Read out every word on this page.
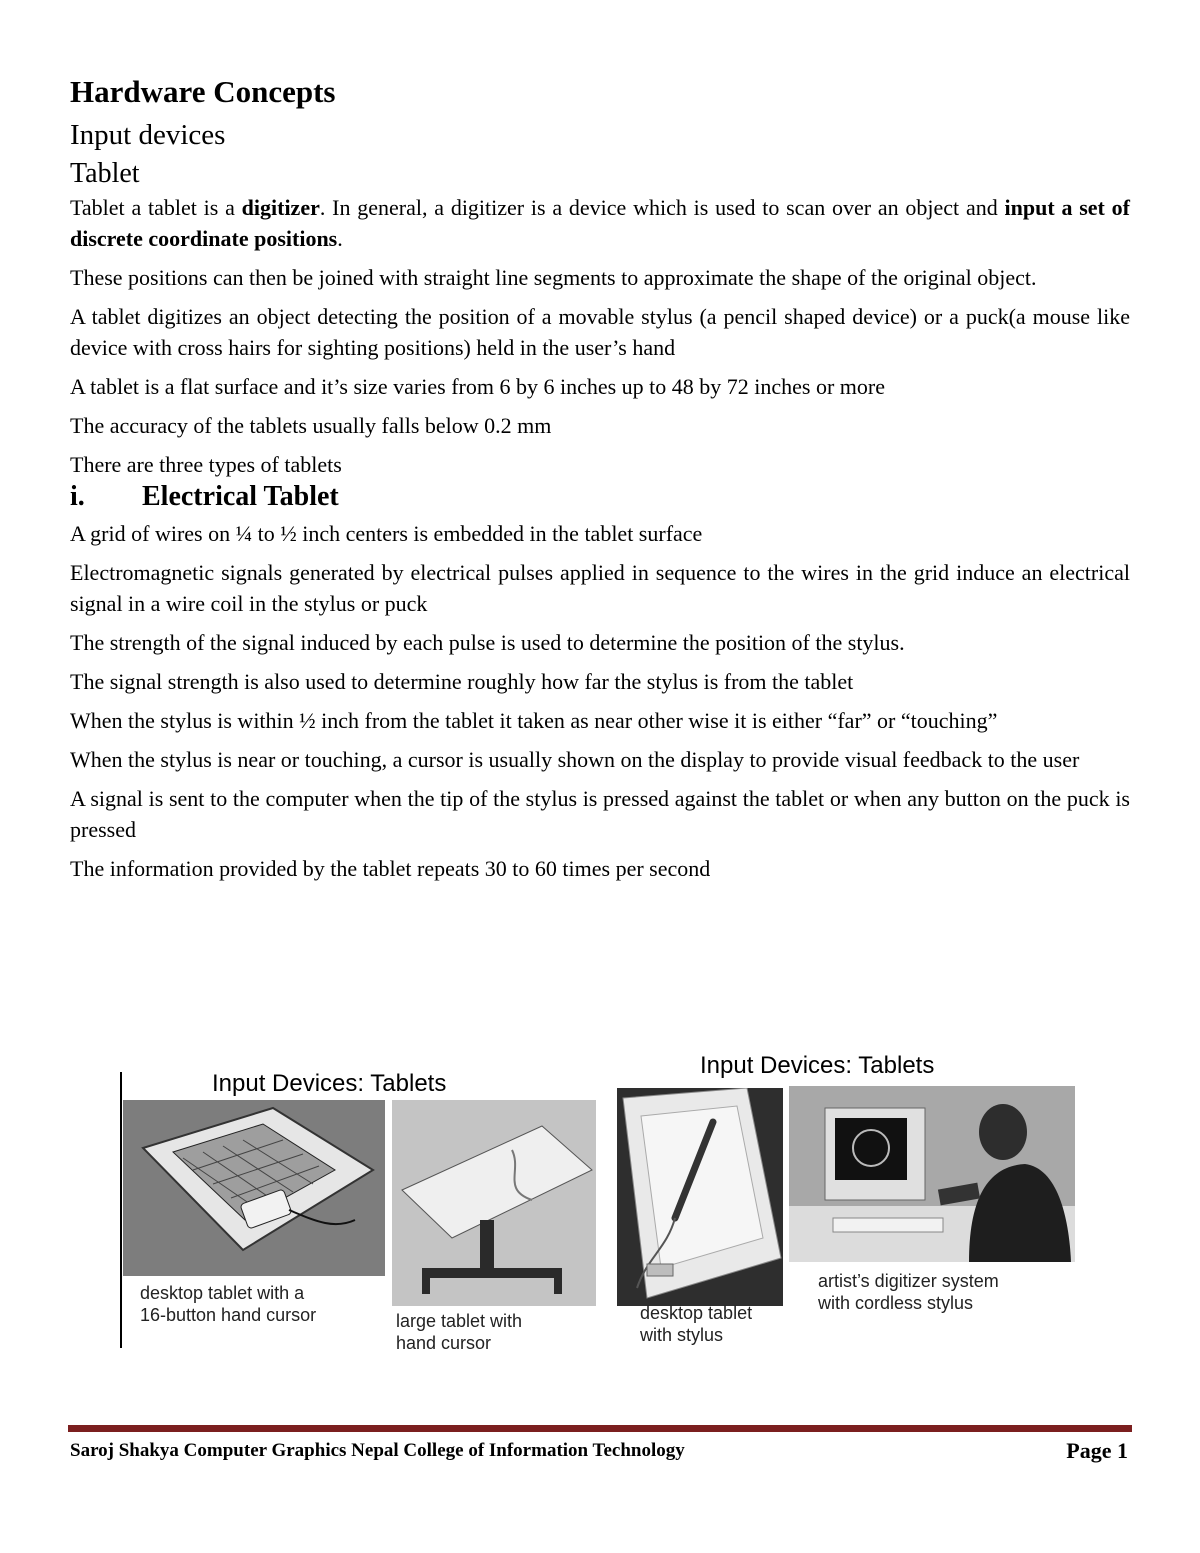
Hardware Concepts
Input devices
Tablet

Tablet a tablet is a digitizer. In general, a digitizer is a device which is used to scan over an object and input a set of discrete coordinate positions.

These positions can then be joined with straight line segments to approximate the shape of the original object.

A tablet digitizes an object detecting the position of a movable stylus (a pencil shaped device) or a puck(a mouse like device with cross hairs for sighting positions) held in the user’s hand

A tablet is a flat surface and it’s size varies from 6 by 6 inches up to 48 by 72 inches or more

The accuracy of the tablets usually falls below 0.2 mm

There are three types of tablets

i.	Electrical Tablet

A grid of wires on ¼ to ½ inch centers is embedded in the tablet surface

Electromagnetic signals generated by electrical pulses applied in sequence to the wires in the grid induce an electrical signal in a wire coil in the stylus or puck

The strength of the signal induced by each pulse is used to determine the position of the stylus.

The signal strength is also used to determine roughly how far the stylus is from the tablet

When the stylus is within ½ inch from the tablet it taken as near other wise it is either “far” or “touching”

When the stylus is near or touching, a cursor is usually shown on the display to provide visual feedback to the user

A signal is sent to the computer when the tip of the stylus is pressed against the tablet or when any button on the puck is pressed

The information provided by the tablet repeats 30 to 60 times per second

Input Devices: Tablets
Input Devices: Tablets
desktop tablet with a
16-button hand cursor	large tablet with
hand cursor
desktop tablet
with stylus
artist’s digitizer system
with cordless stylus
Saroj Shakya Computer Graphics Nepal College of Information Technology	Page 1
